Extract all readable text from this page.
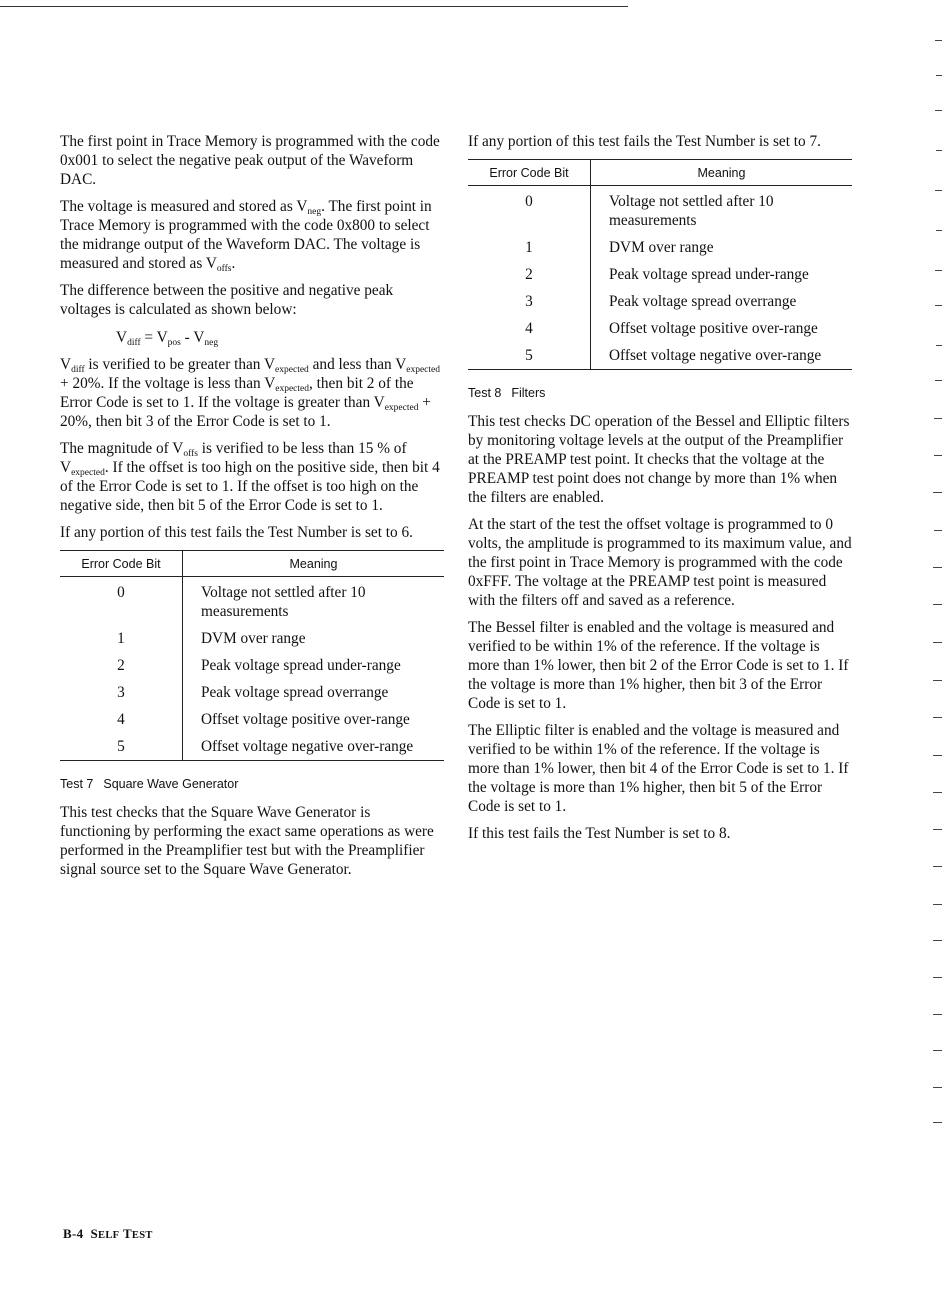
The first point in Trace Memory is programmed with the code 0x001 to select the negative peak output of the Waveform DAC.

The voltage is measured and stored as $V_{neg}$. The first point in Trace Memory is programmed with the code 0x800 to select the midrange output of the Waveform DAC. The voltage is measured and stored as $V_{offs}$.

The difference between the positive and negative peak voltages is calculated as shown below:

$V_{diff} = V_{pos} - V_{neg}$

$V_{diff}$ is verified to be greater than $V_{expected}$ and less than $V_{expected} + 20\%$. If the voltage is less than $V_{expected}$, then bit 2 of the Error Code is set to 1. If the voltage is greater than $V_{expected} + 20\%$, then bit 3 of the Error Code is set to 1.

The magnitude of $V_{offs}$ is verified to be less than 15 % of $V_{expected}$. If the offset is too high on the positive side, then bit 4 of the Error Code is set to 1. If the offset is too high on the negative side, then bit 5 of the Error Code is set to 1.

If any portion of this test fails the Test Number is set to 6.

Error Code Bit	Meaning
0	Voltage not settled after 10 measurements
1	DVM over range
2	Peak voltage spread under-range
3	Peak voltage spread overrange
4	Offset voltage positive over-range
5	Offset voltage negative over-range
Test 7 Square Wave Generator

This test checks that the Square Wave Generator is functioning by performing the exact same operations as were performed in the Preamplifier test but with the Preamplifier signal source set to the Square Wave Generator.

If any portion of this test fails the Test Number is set to 7.

Error Code Bit	Meaning
0	Voltage not settled after 10 measurements
1	DVM over range
2	Peak voltage spread under-range
3	Peak voltage spread overrange
4	Offset voltage positive over-range
5	Offset voltage negative over-range
Test 8 Filters

This test checks DC operation of the Bessel and Elliptic filters by monitoring voltage levels at the output of the Preamplifier at the PREAMP test point. It checks that the voltage at the PREAMP test point does not change by more than 1% when the filters are enabled.

At the start of the test the offset voltage is programmed to 0 volts, the amplitude is programmed to its maximum value, and the first point in Trace Memory is programmed with the code 0xFFF. The voltage at the PREAMP test point is measured with the filters off and saved as a reference.

The Bessel filter is enabled and the voltage is measured and verified to be within 1% of the reference. If the voltage is more than 1% lower, then bit 2 of the Error Code is set to 1. If the voltage is more than 1% higher, then bit 3 of the Error Code is set to 1.

The Elliptic filter is enabled and the voltage is measured and verified to be within 1% of the reference. If the voltage is more than 1% lower, then bit 4 of the Error Code is set to 1. If the voltage is more than 1% higher, then bit 5 of the Error Code is set to 1.

If this test fails the Test Number is set to 8.

B-4 SELF TEST
